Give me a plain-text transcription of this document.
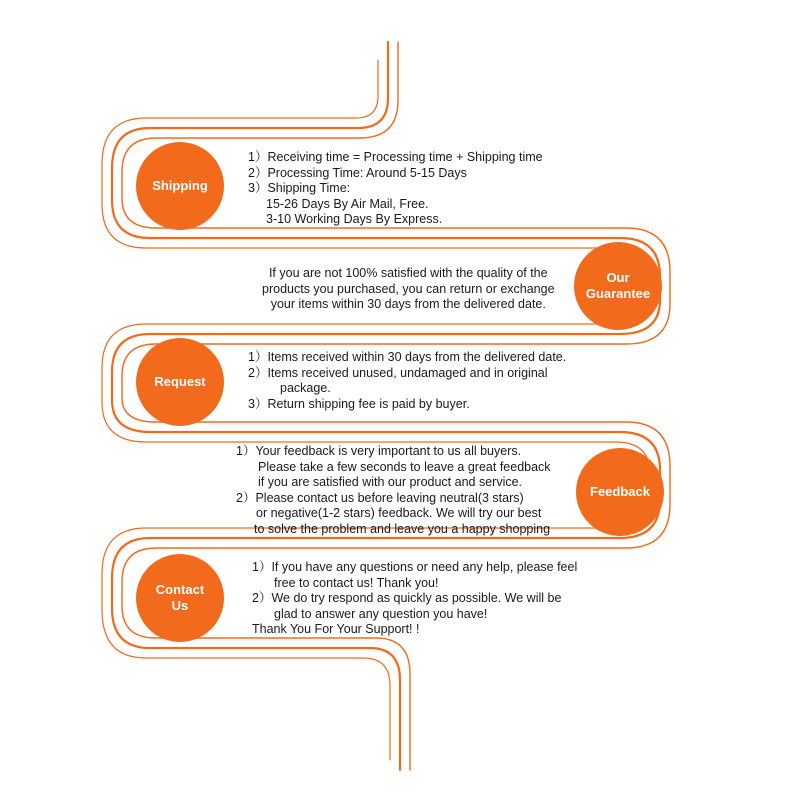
Shipping
1）Receiving time = Processing time + Shipping time
2）Processing Time: Around 5-15 Days
3）Shipping Time:
15-26 Days By Air Mail, Free.
3-10 Working Days By Express.
Our
Guarantee
If you are not 100% satisfied with the quality of the
products you purchased, you can return or exchange
your items within 30 days from the delivered date.
Request
1）Items received within 30 days from the delivered date.
2）Items received unused, undamaged and in original
package.
3）Return shipping fee is paid by buyer.
Feedback
1）Your feedback is very important to us all buyers.
Please take a few seconds to leave a great feedback
if you are satisfied with our product and service.
2）Please contact us before leaving neutral(3 stars)
or negative(1-2 stars) feedback. We will try our best
to solve the problem and leave you a happy shopping
Contact
Us
1）If you have any questions or need any help, please feel
free to contact us! Thank you!
2）We do try respond as quickly as possible. We will be
glad to answer any question you have!
Thank You For Your Support! !
